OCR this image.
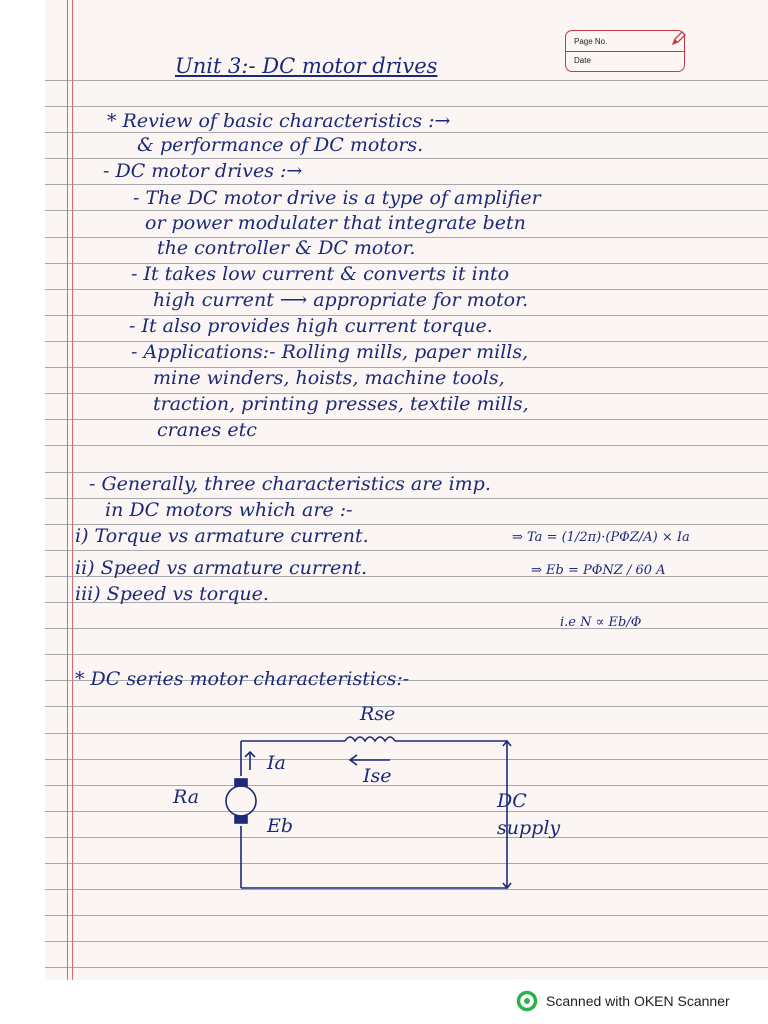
Page No.
Date

Unit 3:- DC motor drives

* Review of basic characteristics :→

& performance of DC motors.

- DC motor drives :→

- The DC motor drive is a type of amplifier

or power modulater that integrate betn

the controller & DC motor.

- It takes low current & converts it into

high current ⟶ appropriate for motor.

- It also provides high current torque.

- Applications:- Rolling mills, paper mills,

mine winders, hoists, machine tools,

traction, printing presses, textile mills,

cranes etc

- Generally, three characteristics are imp.

in DC motors which are :-

i) Torque vs armature current.	⇒ Ta = (1/2π)·(PΦZ/A) × Ia

ii) Speed vs armature current.	⇒ Eb = PΦNZ / 60 A

iii) Speed vs torque.

i.e N ∝ Eb/Φ

* DC series motor characteristics:-

Rse

Ia

Ise

Ra

Eb

DC

supply

Scanned with OKEN Scanner
